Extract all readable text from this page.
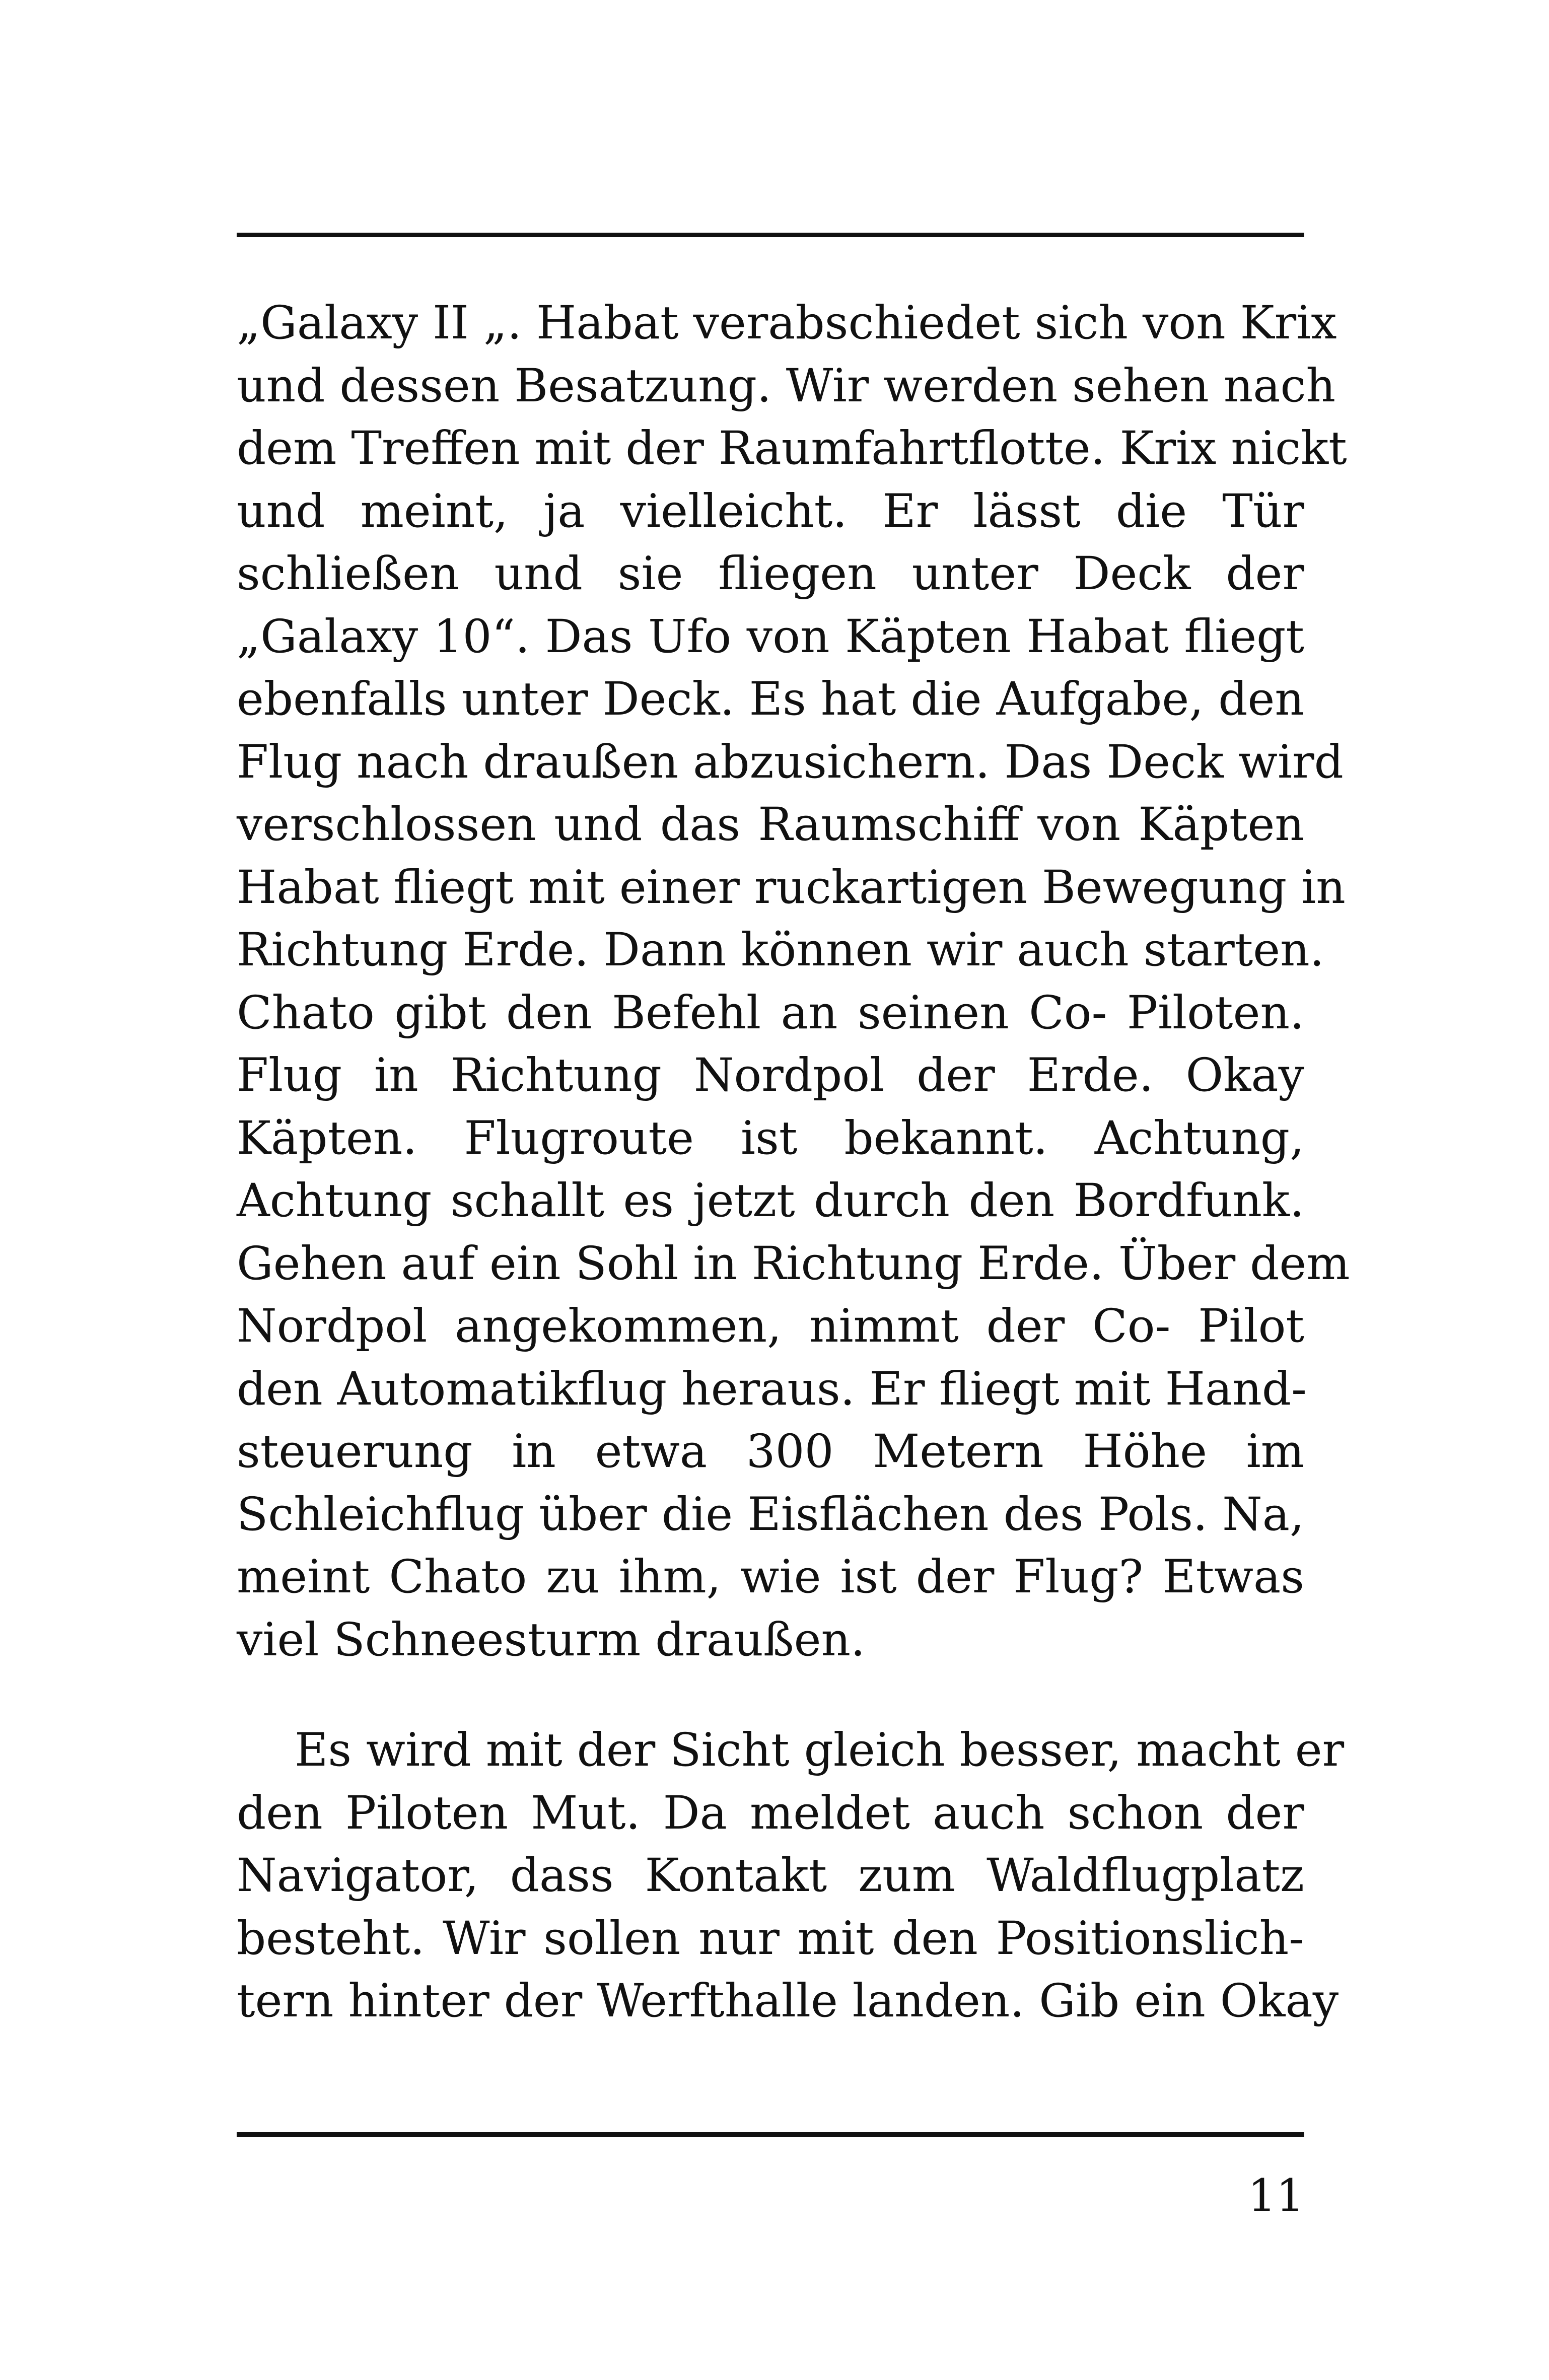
„Galaxy II „. Habat verabschiedet sich von Krix
und dessen Besatzung. Wir werden sehen nach
dem Treffen mit der Raumfahrtflotte. Krix nickt
und meint, ja vielleicht. Er lässt die Tür
schließen und sie fliegen unter Deck der
„Galaxy 10“. Das Ufo von Käpten Habat fliegt
ebenfalls unter Deck. Es hat die Aufgabe, den
Flug nach draußen abzusichern. Das Deck wird
verschlossen und das Raumschiff von Käpten
Habat fliegt mit einer ruckartigen Bewegung in
Richtung Erde. Dann können wir auch starten.
Chato gibt den Befehl an seinen Co- Piloten.
Flug in Richtung Nordpol der Erde. Okay
Käpten. Flugroute ist bekannt. Achtung,
Achtung schallt es jetzt durch den Bordfunk.
Gehen auf ein Sohl in Richtung Erde. Über dem
Nordpol angekommen, nimmt der Co- Pilot
den Automatikflug heraus. Er fliegt mit Hand-
steuerung in etwa 300 Metern Höhe im
Schleichflug über die Eisflächen des Pols. Na,
meint Chato zu ihm, wie ist der Flug? Etwas
viel Schneesturm draußen.
Es wird mit der Sicht gleich besser, macht er
den Piloten Mut. Da meldet auch schon der
Navigator, dass Kontakt zum Waldflugplatz
besteht. Wir sollen nur mit den Positionslich-
tern hinter der Werfthalle landen. Gib ein Okay
11
